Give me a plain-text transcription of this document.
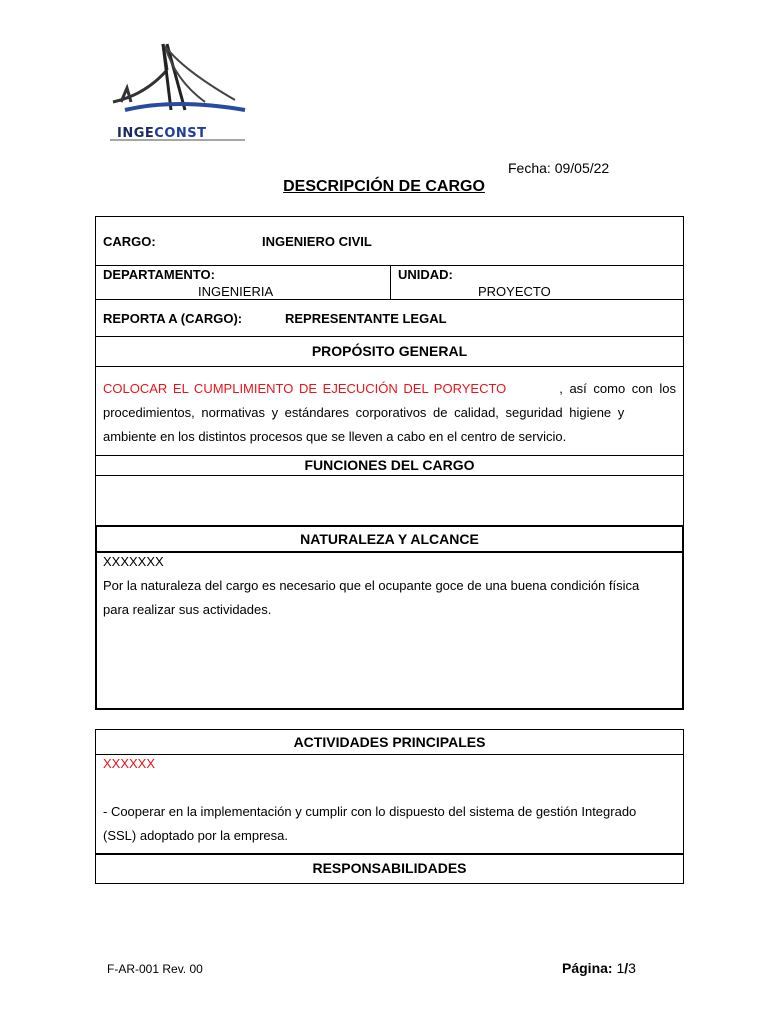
INGECONST
Fecha: 09/05/22
DESCRIPCIÓN DE CARGO
CARGO:	INGENIERO CIVIL
DEPARTAMENTO:
INGENIERIA
UNIDAD:
PROYECTO
REPORTA A (CARGO):	REPRESENTANTE LEGAL
PROPÓSITO GENERAL
COLOCAR EL CUMPLIMIENTO DE EJECUCIÓN DEL PORYECTO	, así como con los
procedimientos, normativas y estándares corporativos de calidad, seguridad higiene y
ambiente en los distintos procesos que se lleven a cabo en el centro de servicio.
FUNCIONES DEL CARGO
NATURALEZA Y ALCANCE
XXXXXXX
Por la naturaleza del cargo es necesario que el ocupante goce de una buena condición física
para realizar sus actividades.
ACTIVIDADES PRINCIPALES
XXXXXX
- Cooperar en la implementación y cumplir con lo dispuesto del sistema de gestión Integrado
(SSL) adoptado por la empresa.
RESPONSABILIDADES
F-AR-001 Rev. 00	Página: 1/3
